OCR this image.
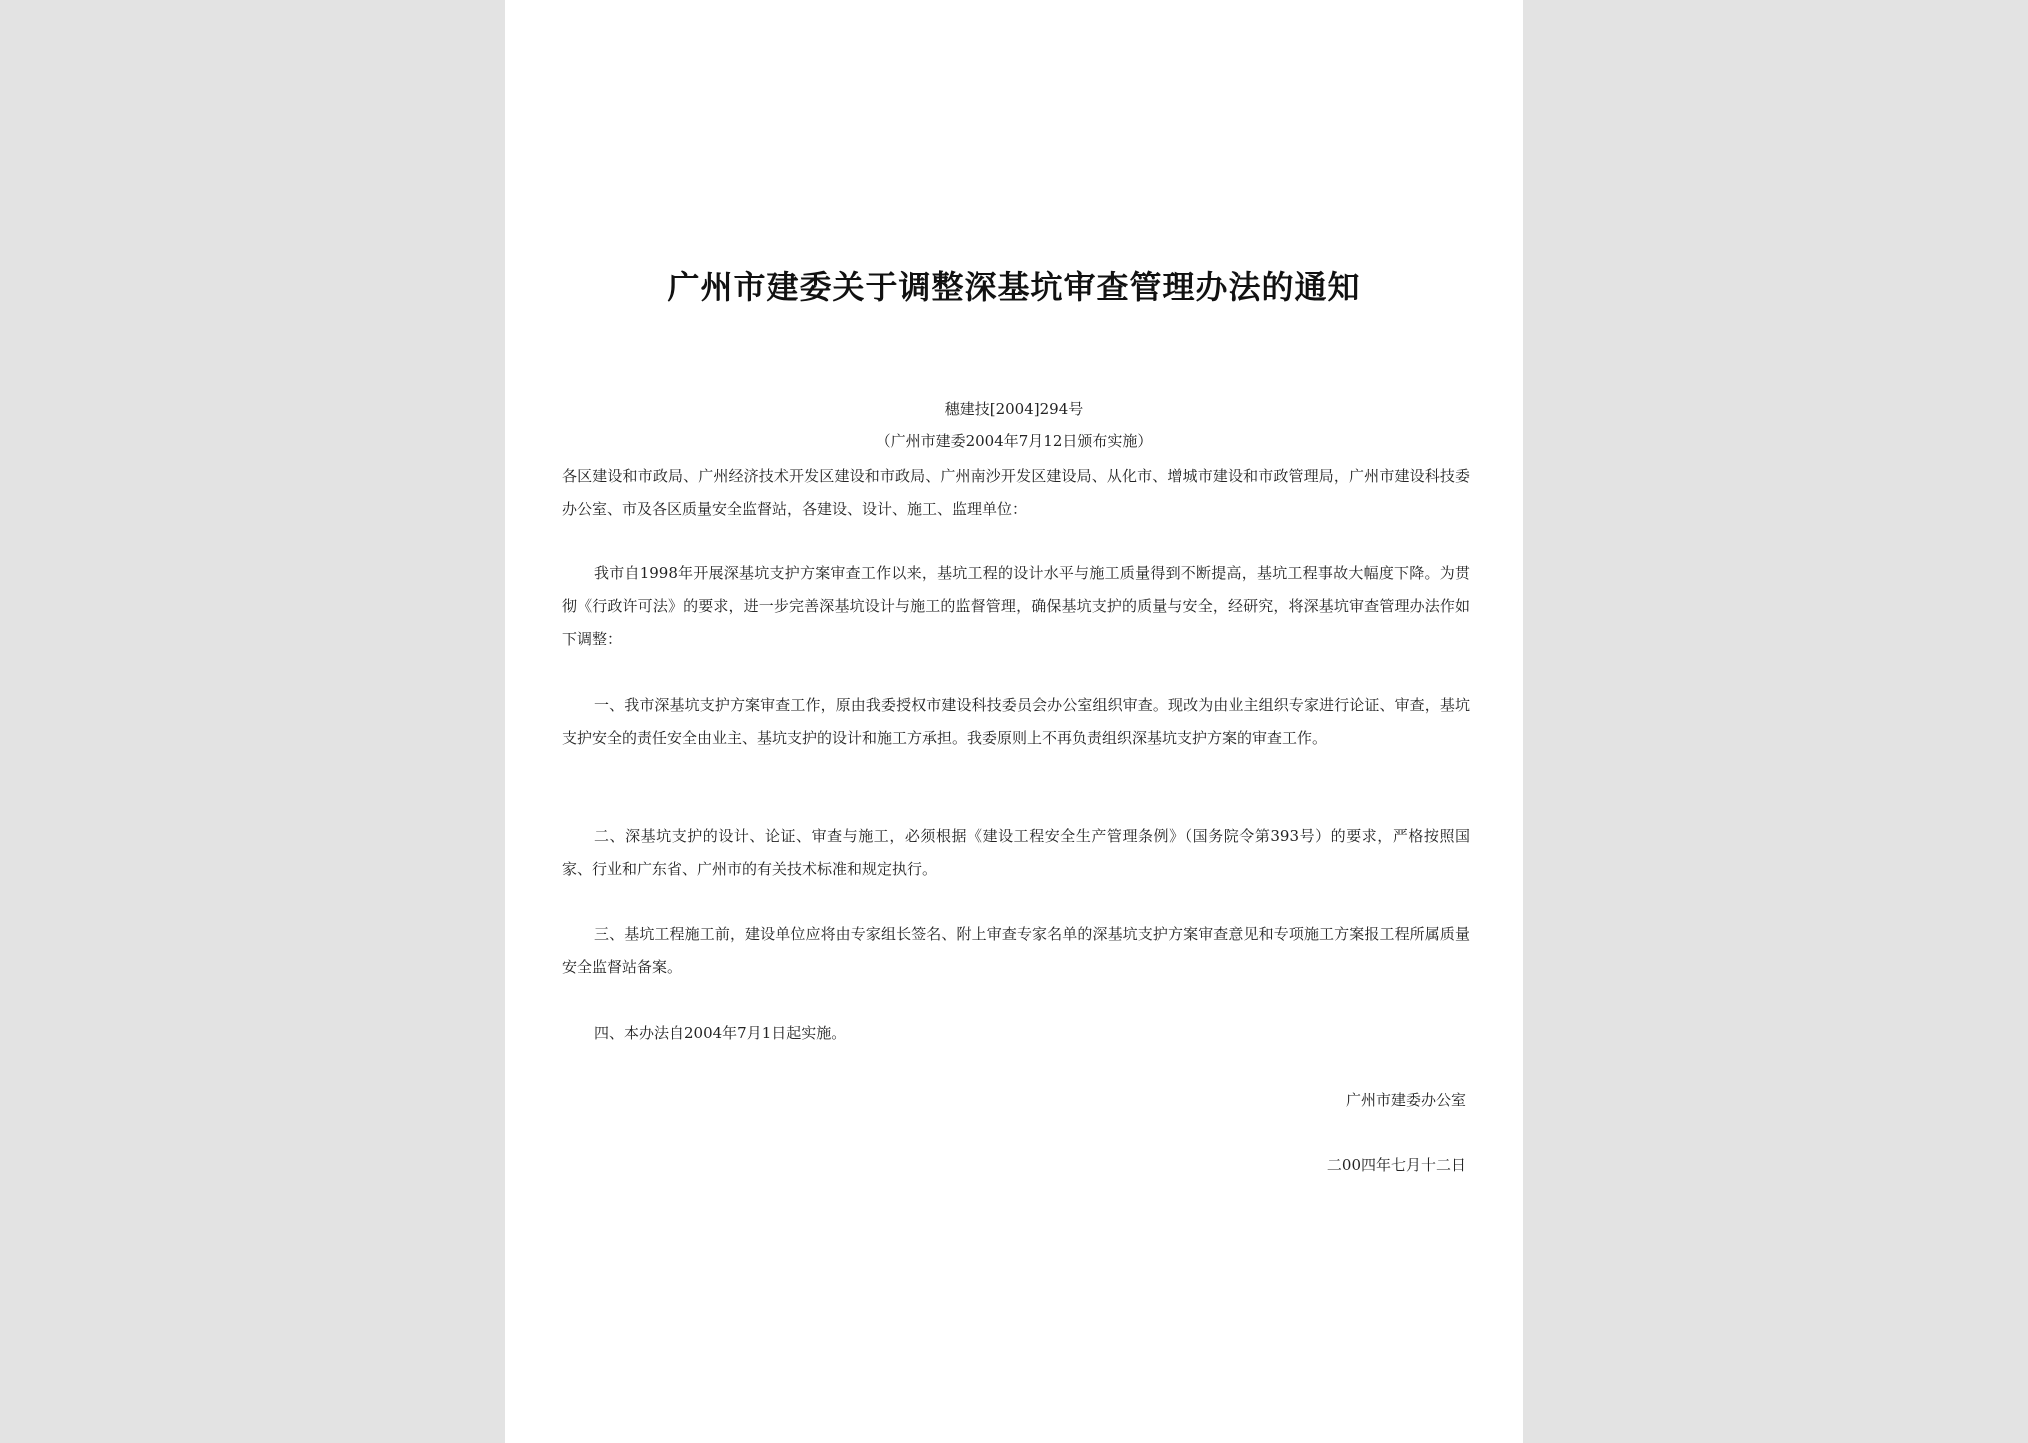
广州市建委关于调整深基坑审查管理办法的通知
穗建技[2004]294号
（广州市建委2004年7月12日颁布实施）

各区建设和市政局、广州经济技术开发区建设和市政局、广州南沙开发区建设局、从化市、增城市建设和市政管理局，广州市建设科技委办公室、市及各区质量安全监督站，各建设、设计、施工、监理单位：

我市自1998年开展深基坑支护方案审查工作以来，基坑工程的设计水平与施工质量得到不断提高，基坑工程事故大幅度下降。为贯彻《行政许可法》的要求，进一步完善深基坑设计与施工的监督管理，确保基坑支护的质量与安全，经研究，将深基坑审查管理办法作如下调整：

一、我市深基坑支护方案审查工作，原由我委授权市建设科技委员会办公室组织审查。现改为由业主组织专家进行论证、审查，基坑支护安全的责任安全由业主、基坑支护的设计和施工方承担。我委原则上不再负责组织深基坑支护方案的审查工作。

二、深基坑支护的设计、论证、审查与施工，必须根据《建设工程安全生产管理条例》（国务院令第393号）的要求，严格按照国家、行业和广东省、广州市的有关技术标准和规定执行。

三、基坑工程施工前，建设单位应将由专家组长签名、附上审查专家名单的深基坑支护方案审查意见和专项施工方案报工程所属质量安全监督站备案。

四、本办法自2004年7月1日起实施。

广州市建委办公室
二00四年七月十二日
